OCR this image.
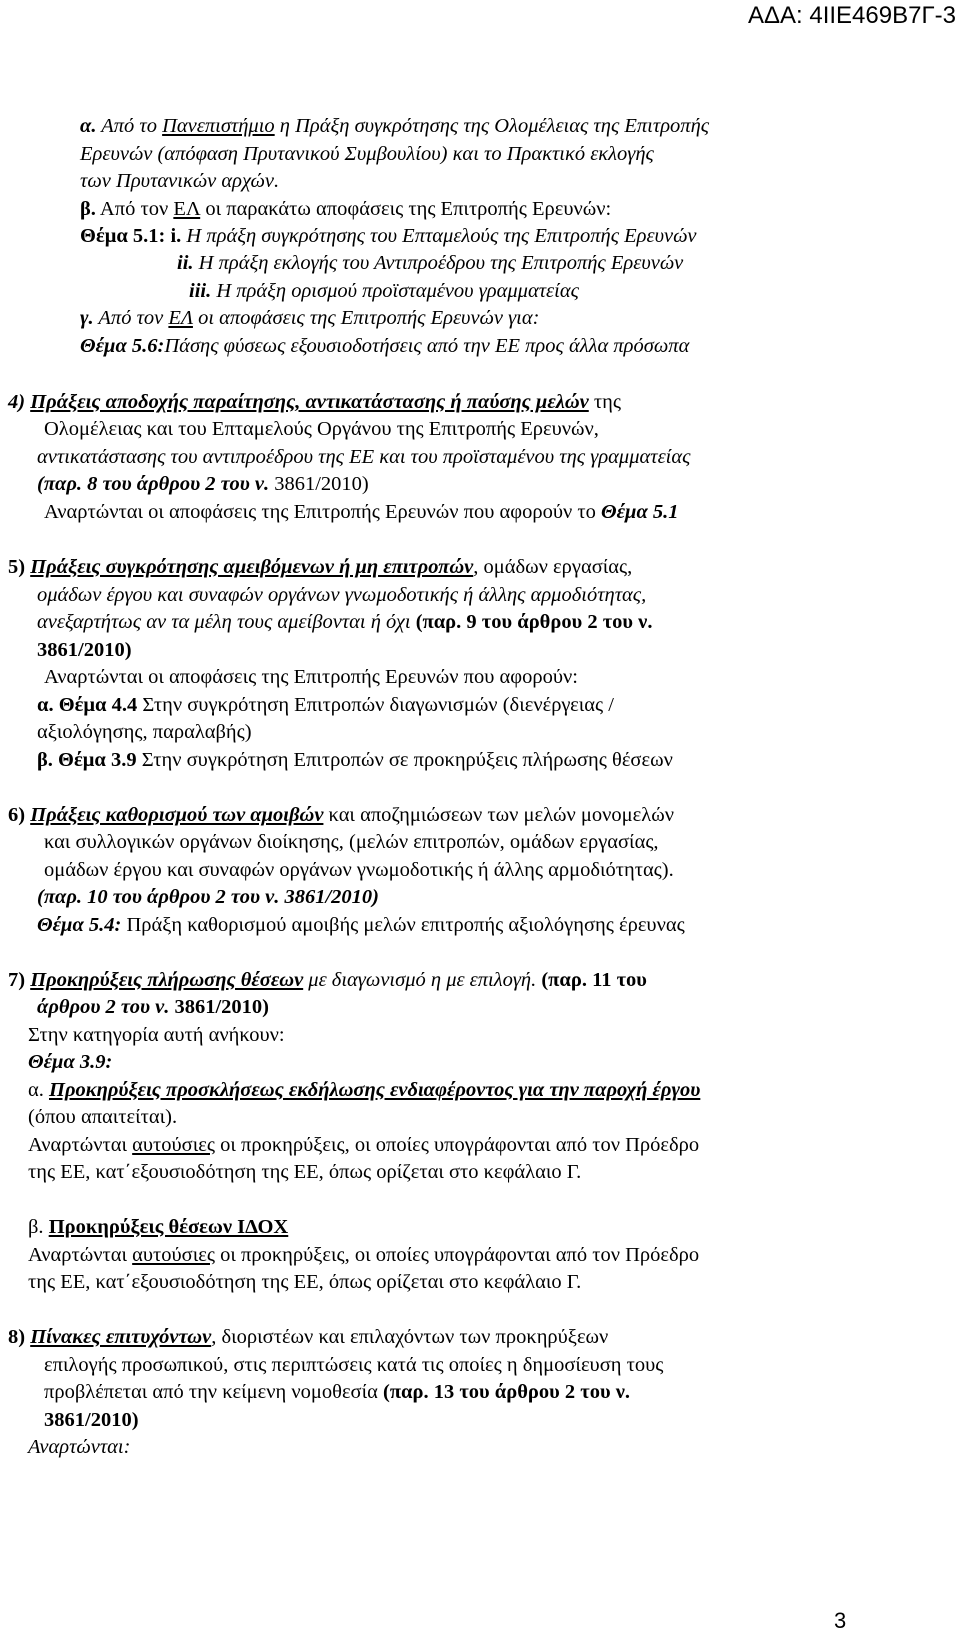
ΑΔΑ: 4ΙΙΕ469Β7Γ-3
α. Από το Πανεπιστήμιο η Πράξη συγκρότησης της Ολομέλειας της Επιτροπής
Ερευνών (απόφαση Πρυτανικού Συμβουλίου) και το Πρακτικό εκλογής
των Πρυτανικών αρχών.
β. Από τον ΕΛ οι παρακάτω αποφάσεις της Επιτροπής Ερευνών:
Θέμα 5.1: i. Η πράξη συγκρότησης του Επταμελούς της Επιτροπής Ερευνών
ii. Η πράξη εκλογής του Αντιπροέδρου της Επιτροπής Ερευνών
iii. Η πράξη ορισμού προϊσταμένου γραμματείας
γ. Από τον ΕΛ οι αποφάσεις της Επιτροπής Ερευνών για:
Θέμα 5.6:Πάσης φύσεως εξουσιοδοτήσεις από την ΕΕ προς άλλα πρόσωπα
4) Πράξεις αποδοχής παραίτησης, αντικατάστασης ή παύσης μελών της
Ολομέλειας και του Επταμελούς Οργάνου της Επιτροπής Ερευνών,
αντικατάστασης του αντιπροέδρου της ΕΕ και του προϊσταμένου της γραμματείας
(παρ. 8 του άρθρου 2 του ν. 3861/2010)
Αναρτώνται οι αποφάσεις της Επιτροπής Ερευνών που αφορούν το Θέμα 5.1
5) Πράξεις συγκρότησης αμειβόμενων ή μη επιτροπών, ομάδων εργασίας,
ομάδων έργου και συναφών οργάνων γνωμοδοτικής ή άλλης αρμοδιότητας,
ανεξαρτήτως αν τα μέλη τους αμείβονται ή όχι (παρ. 9 του άρθρου 2 του ν.
3861/2010)
Αναρτώνται οι αποφάσεις της Επιτροπής Ερευνών που αφορούν:
α. Θέμα 4.4 Στην συγκρότηση Επιτροπών διαγωνισμών (διενέργειας /
αξιολόγησης, παραλαβής)
β. Θέμα 3.9 Στην συγκρότηση Επιτροπών σε προκηρύξεις πλήρωσης θέσεων
6) Πράξεις καθορισμού των αμοιβών και αποζημιώσεων των μελών μονομελών
και συλλογικών οργάνων διοίκησης, (μελών επιτροπών, ομάδων εργασίας,
ομάδων έργου και συναφών οργάνων γνωμοδοτικής ή άλλης αρμοδιότητας).
(παρ. 10 του άρθρου 2 του ν. 3861/2010)
Θέμα 5.4: Πράξη καθορισμού αμοιβής μελών επιτροπής αξιολόγησης έρευνας
7) Προκηρύξεις πλήρωσης θέσεων με διαγωνισμό η με επιλογή. (παρ. 11 του
άρθρου 2 του ν. 3861/2010)
Στην κατηγορία αυτή ανήκουν:
Θέμα 3.9:
α. Προκηρύξεις προσκλήσεως εκδήλωσης ενδιαφέροντος για την παροχή έργου
(όπου απαιτείται).
Αναρτώνται αυτούσιες οι προκηρύξεις, οι οποίες υπογράφονται από τον Πρόεδρο
της ΕΕ, κατ΄εξουσιοδότηση της ΕΕ, όπως ορίζεται στο κεφάλαιο Γ.
β. Προκηρύξεις θέσεων ΙΔΟΧ
Αναρτώνται αυτούσιες οι προκηρύξεις, οι οποίες υπογράφονται από τον Πρόεδρο
της ΕΕ, κατ΄εξουσιοδότηση της ΕΕ, όπως ορίζεται στο κεφάλαιο Γ.
8) Πίνακες επιτυχόντων, διοριστέων και επιλαχόντων των προκηρύξεων
επιλογής προσωπικού, στις περιπτώσεις κατά τις οποίες η δημοσίευση τους
προβλέπεται από την κείμενη νομοθεσία (παρ. 13 του άρθρου 2 του ν.
3861/2010)
Αναρτώνται:
3
